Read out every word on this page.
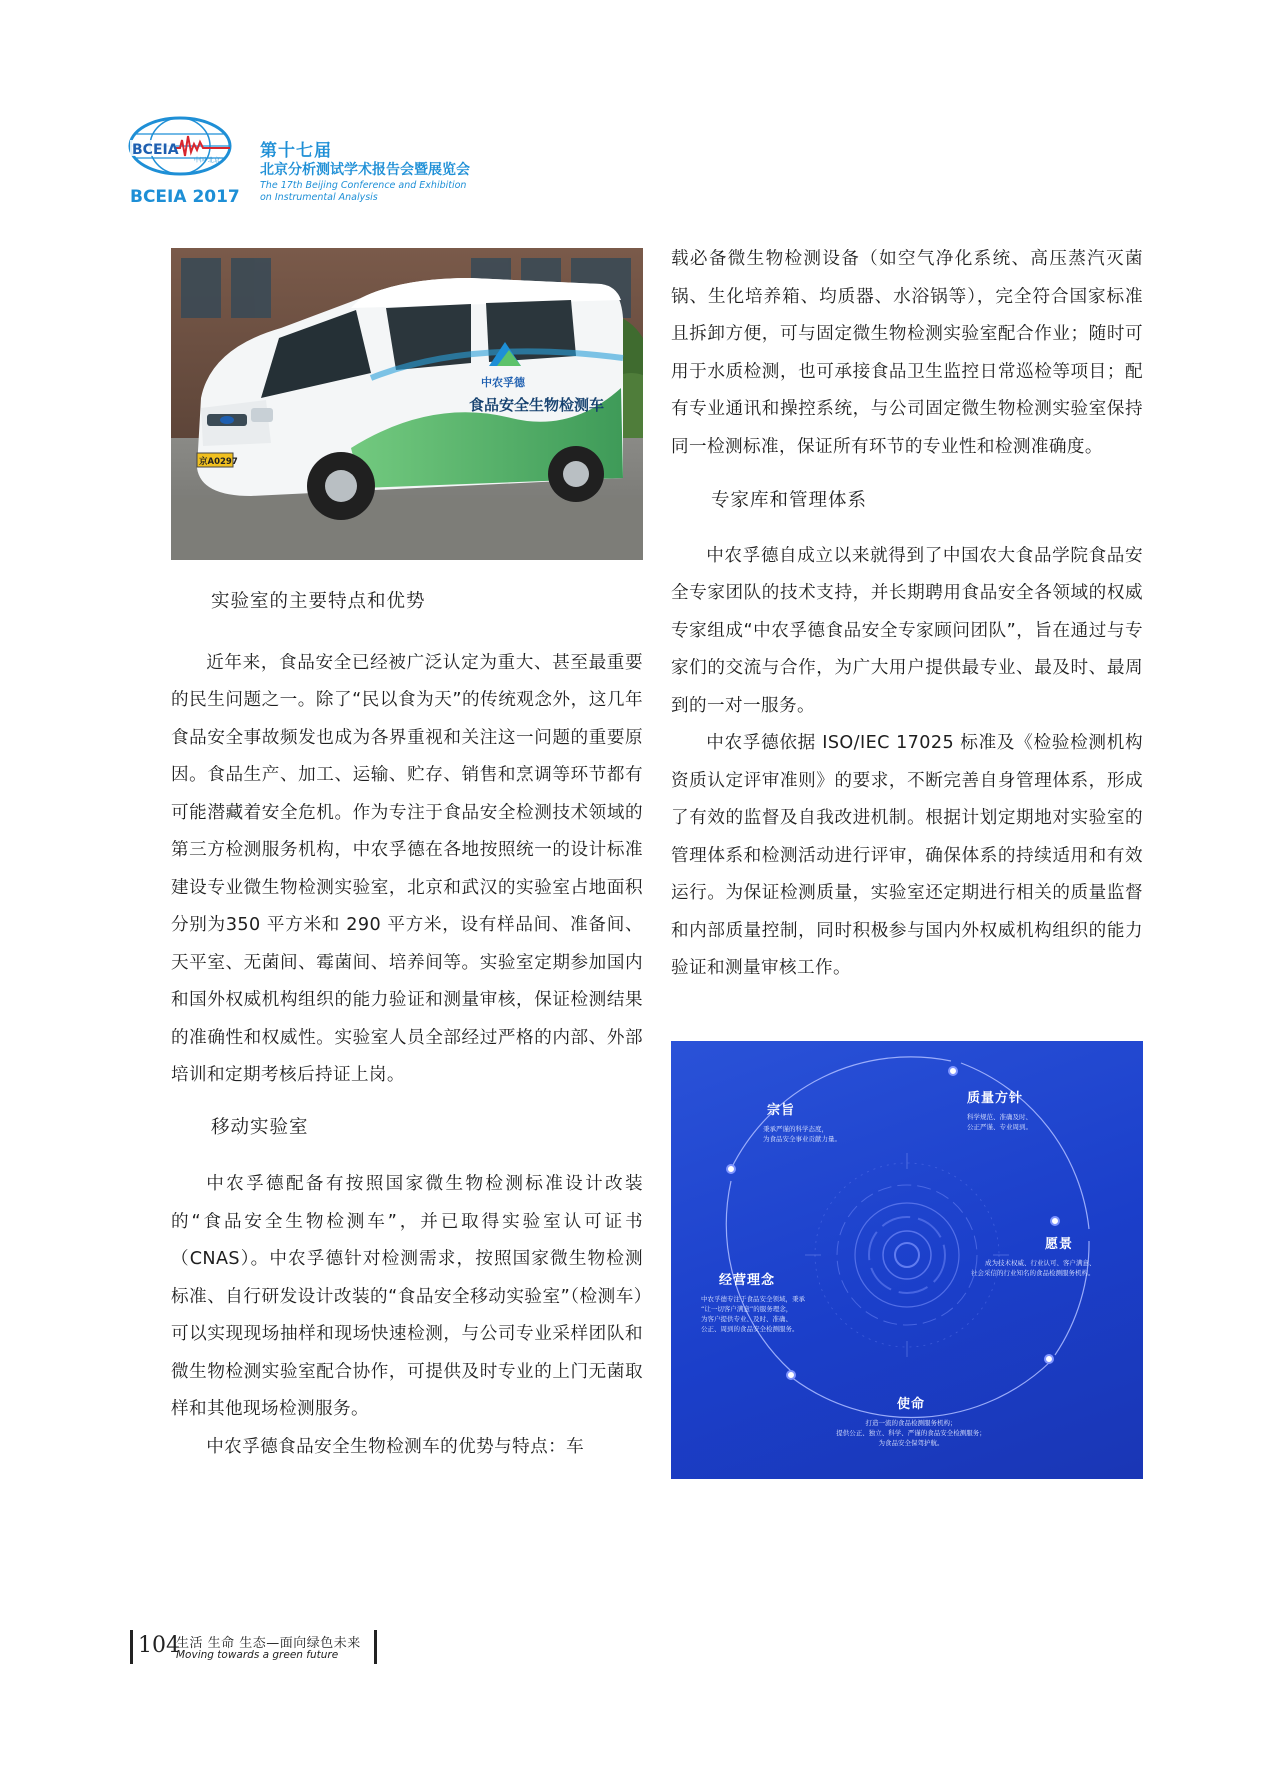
BCEIA
中国·北京
BCEIA 2017
第十七届
北京分析测试学术报告会暨展览会
The 17th Beijing Conference and Exhibition
on Instrumental Analysis
中农孚德
食品安全生物检测车
京A0297
实验室的主要特点和优势

近年来，食品安全已经被广泛认定为重大、甚至最重要的民生问题之一。除了“民以食为天”的传统观念外，这几年食品安全事故频发也成为各界重视和关注这一问题的重要原因。食品生产、加工、运输、贮存、销售和烹调等环节都有可能潜藏着安全危机。作为专注于食品安全检测技术领域的第三方检测服务机构，中农孚德在各地按照统一的设计标准建设专业微生物检测实验室，北京和武汉的实验室占地面积分别为350 平方米和 290 平方米，设有样品间、准备间、天平室、无菌间、霉菌间、培养间等。实验室定期参加国内和国外权威机构组织的能力验证和测量审核，保证检测结果的准确性和权威性。实验室人员全部经过严格的内部、外部培训和定期考核后持证上岗。

移动实验室

中农孚德配备有按照国家微生物检测标准设计改装的“食品安全生物检测车”，并已取得实验室认可证书（CNAS）。中农孚德针对检测需求，按照国家微生物检测标准、自行研发设计改装的“食品安全移动实验室”（检测车）可以实现现场抽样和现场快速检测，与公司专业采样团队和微生物检测实验室配合协作，可提供及时专业的上门无菌取样和其他现场检测服务。

中农孚德食品安全生物检测车的优势与特点：车

载必备微生物检测设备（如空气净化系统、高压蒸汽灭菌锅、生化培养箱、均质器、水浴锅等），完全符合国家标准且拆卸方便，可与固定微生物检测实验室配合作业；随时可用于水质检测，也可承接食品卫生监控日常巡检等项目；配有专业通讯和操控系统，与公司固定微生物检测实验室保持同一检测标准，保证所有环节的专业性和检测准确度。

专家库和管理体系

中农孚德自成立以来就得到了中国农大食品学院食品安全专家团队的技术支持，并长期聘用食品安全各领域的权威专家组成“中农孚德食品安全专家顾问团队”，旨在通过与专家们的交流与合作，为广大用户提供最专业、最及时、最周到的一对一服务。

中农孚德依据 ISO/IEC 17025 标准及《检验检测机构资质认定评审准则》的要求，不断完善自身管理体系，形成了有效的监督及自我改进机制。根据计划定期地对实验室的管理体系和检测活动进行评审，确保体系的持续适用和有效运行。为保证检测质量，实验室还定期进行相关的质量监督和内部质量控制，同时积极参与国内外权威机构组织的能力验证和测量审核工作。

宗旨
秉承严谨的科学态度，
为食品安全事业贡献力量。
质量方针
科学规范、准确及时、
公正严谨、专业周到。
愿景
成为技术权威、行业认可、客户满意、
社会采信的行业知名的食品检测服务机构。
经营理念
中农孚德专注于食品安全领域，秉承
“让一切客户满意”的服务理念，
为客户提供专业、及时、准确、
公正、周到的食品安全检测服务。
使命
打造一流的食品检测服务机构；
提供公正、独立、科学、严谨的食品安全检测服务；
为食品安全保驾护航。
104
生活 生命 生态—面向绿色未来
Moving towards a green future
